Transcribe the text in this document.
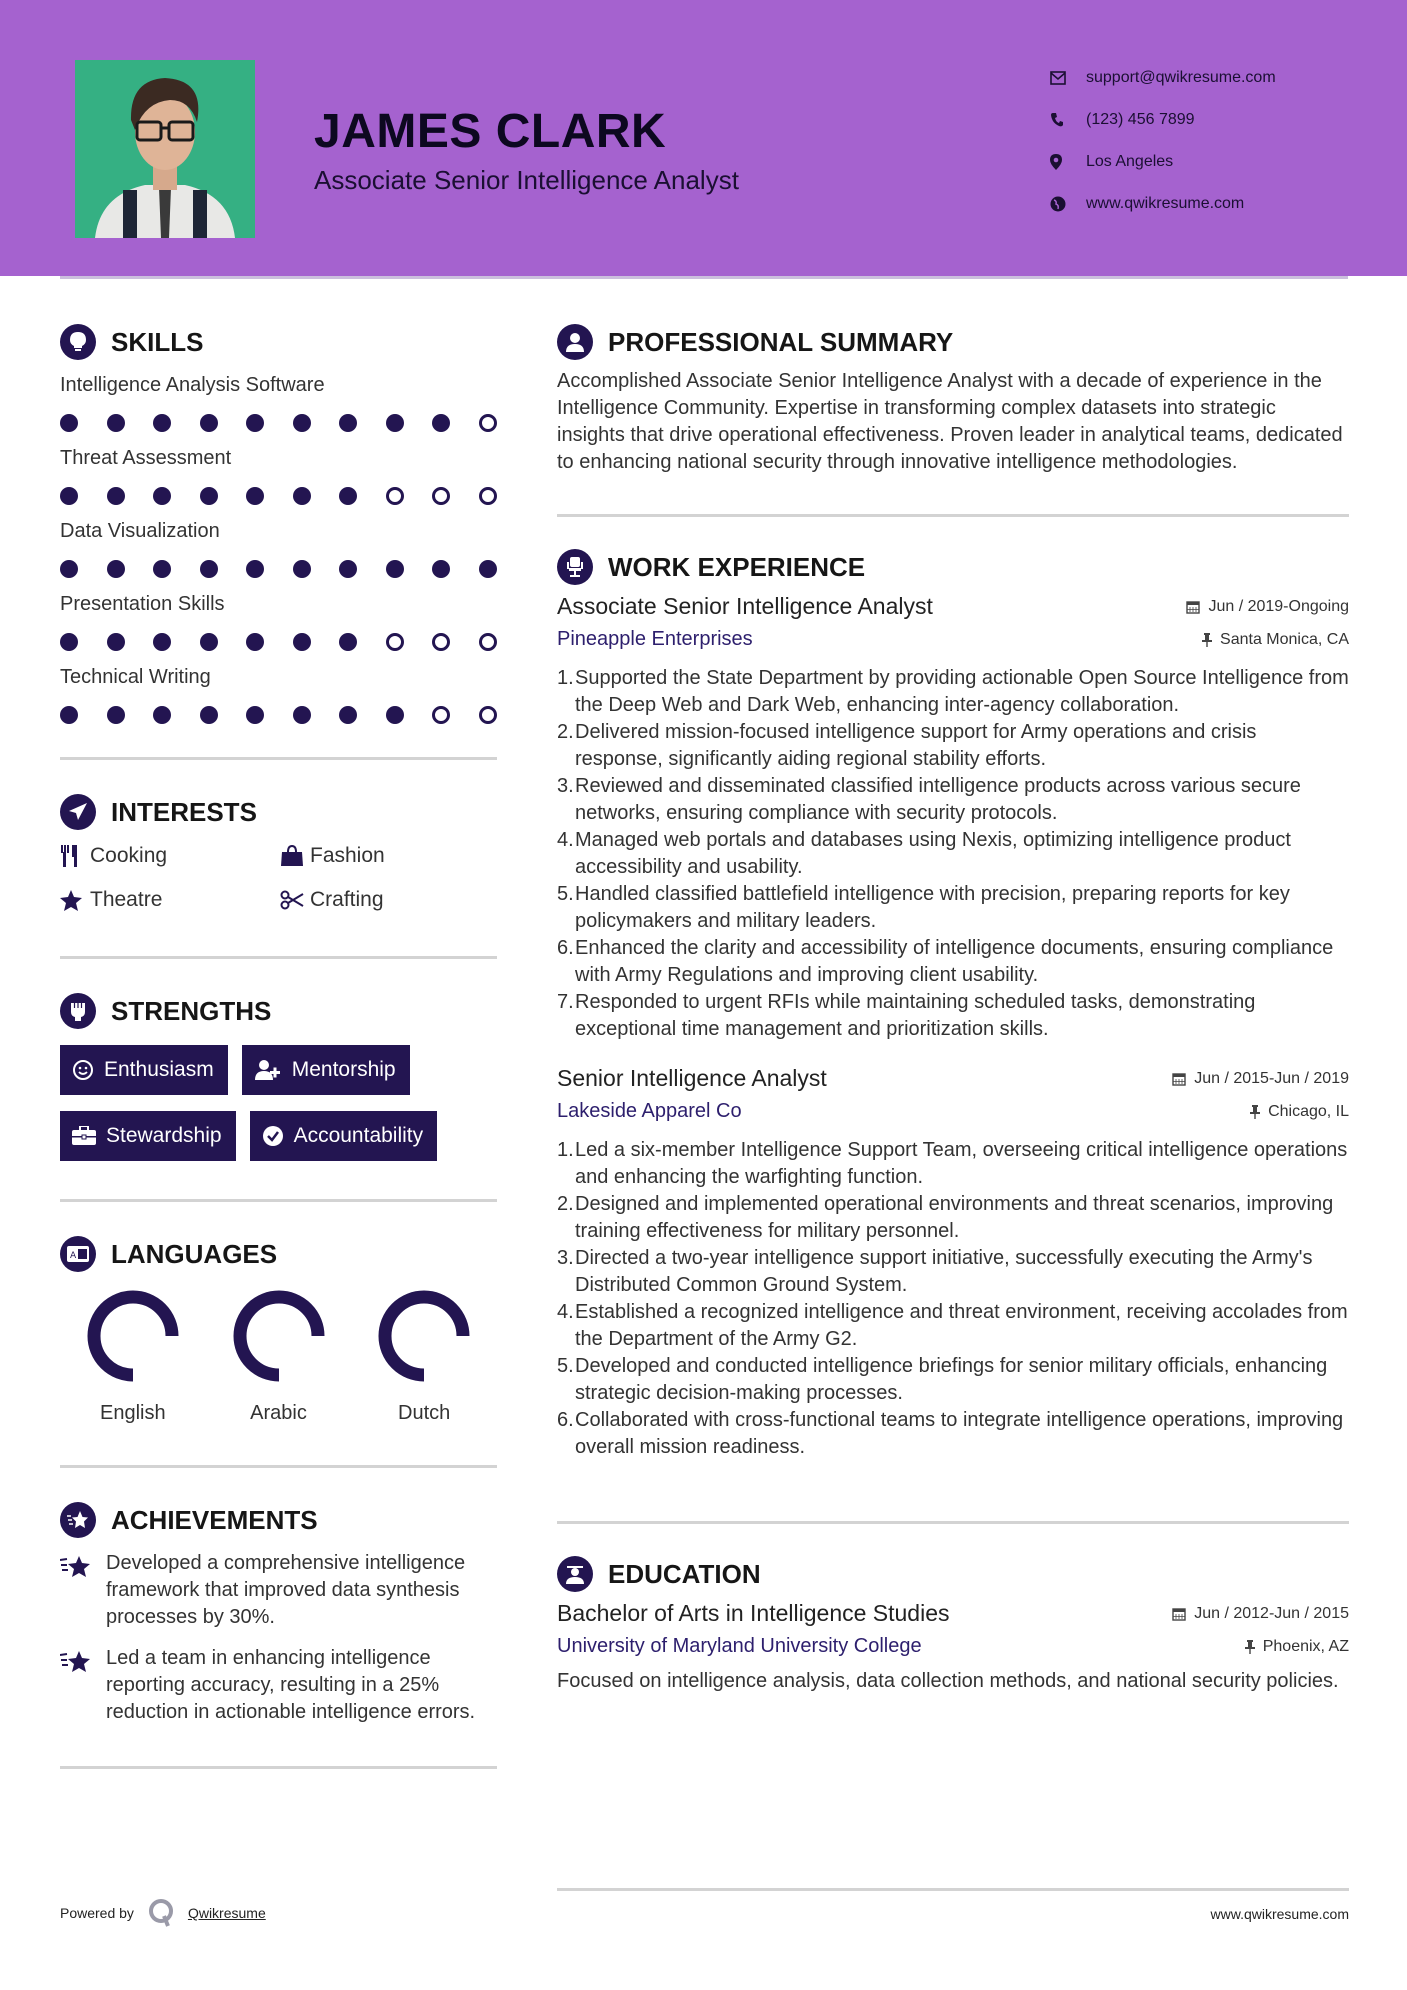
JAMES CLARK
Associate Senior Intelligence Analyst
support@qwikresume.com
(123) 456 7899
Los Angeles
www.qwikresume.com
SKILLS
Intelligence Analysis Software
Threat Assessment
Data Visualization
Presentation Skills
Technical Writing
INTERESTS
Cooking	Fashion
Theatre	Crafting
STRENGTHS
Enthusiasm	Mentorship
Stewardship	Accountability
A LANGUAGES
English	Arabic	Dutch
ACHIEVEMENTS
Developed a comprehensive intelligence framework that improved data synthesis processes by 30%.
Led a team in enhancing intelligence reporting accuracy, resulting in a 25% reduction in actionable intelligence errors.
PROFESSIONAL SUMMARY

Accomplished Associate Senior Intelligence Analyst with a decade of experience in the Intelligence Community. Expertise in transforming complex datasets into strategic insights that drive operational effectiveness. Proven leader in analytical teams, dedicated to enhancing national security through innovative intelligence methodologies.

WORK EXPERIENCE
Associate Senior Intelligence Analyst	Jun / 2019-Ongoing
Pineapple Enterprises	Santa Monica, CA
1. Supported the State Department by providing actionable Open Source Intelligence from the Deep Web and Dark Web, enhancing inter-agency collaboration.
2. Delivered mission-focused intelligence support for Army operations and crisis response, significantly aiding regional stability efforts.
3. Reviewed and disseminated classified intelligence products across various secure networks, ensuring compliance with security protocols.
4. Managed web portals and databases using Nexis, optimizing intelligence product accessibility and usability.
5. Handled classified battlefield intelligence with precision, preparing reports for key policymakers and military leaders.
6. Enhanced the clarity and accessibility of intelligence documents, ensuring compliance with Army Regulations and improving client usability.
7. Responded to urgent RFIs while maintaining scheduled tasks, demonstrating exceptional time management and prioritization skills.
Senior Intelligence Analyst	Jun / 2015-Jun / 2019
Lakeside Apparel Co	Chicago, IL
1. Led a six-member Intelligence Support Team, overseeing critical intelligence operations and enhancing the warfighting function.
2. Designed and implemented operational environments and threat scenarios, improving training effectiveness for military personnel.
3. Directed a two-year intelligence support initiative, successfully executing the Army's Distributed Common Ground System.
4. Established a recognized intelligence and threat environment, receiving accolades from the Department of the Army G2.
5. Developed and conducted intelligence briefings for senior military officials, enhancing strategic decision-making processes.
6. Collaborated with cross-functional teams to integrate intelligence operations, improving overall mission readiness.
EDUCATION
Bachelor of Arts in Intelligence Studies	Jun / 2012-Jun / 2015
University of Maryland University College	Phoenix, AZ

Focused on intelligence analysis, data collection methods, and national security policies.

Powered by	Qwikresume	www.qwikresume.com
